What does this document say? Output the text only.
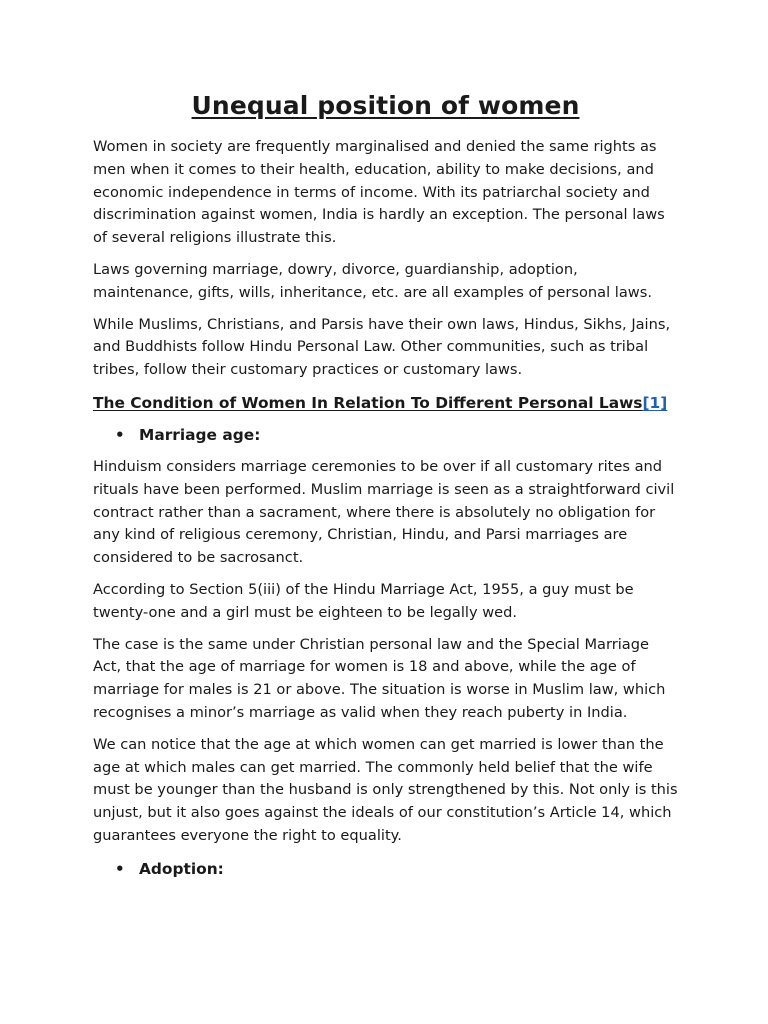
Unequal position of women

Women in society are frequently marginalised and denied the same rights as men when it comes to their health, education, ability to make decisions, and economic independence in terms of income. With its patriarchal society and discrimination against women, India is hardly an exception. The personal laws of several religions illustrate this.

Laws governing marriage, dowry, divorce, guardianship, adoption, maintenance, gifts, wills, inheritance, etc. are all examples of personal laws.

While Muslims, Christians, and Parsis have their own laws, Hindus, Sikhs, Jains, and Buddhists follow Hindu Personal Law. Other communities, such as tribal tribes, follow their customary practices or customary laws.

The Condition of Women In Relation To Different Personal Laws[1]
• Marriage age:

Hinduism considers marriage ceremonies to be over if all customary rites and rituals have been performed. Muslim marriage is seen as a straightforward civil contract rather than a sacrament, where there is absolutely no obligation for any kind of religious ceremony, Christian, Hindu, and Parsi marriages are considered to be sacrosanct.

According to Section 5(iii) of the Hindu Marriage Act, 1955, a guy must be twenty-one and a girl must be eighteen to be legally wed.

The case is the same under Christian personal law and the Special Marriage Act, that the age of marriage for women is 18 and above, while the age of marriage for males is 21 or above. The situation is worse in Muslim law, which recognises a minor’s marriage as valid when they reach puberty in India.

We can notice that the age at which women can get married is lower than the age at which males can get married. The commonly held belief that the wife must be younger than the husband is only strengthened by this. Not only is this unjust, but it also goes against the ideals of our constitution’s Article 14, which guarantees everyone the right to equality.

• Adoption:
